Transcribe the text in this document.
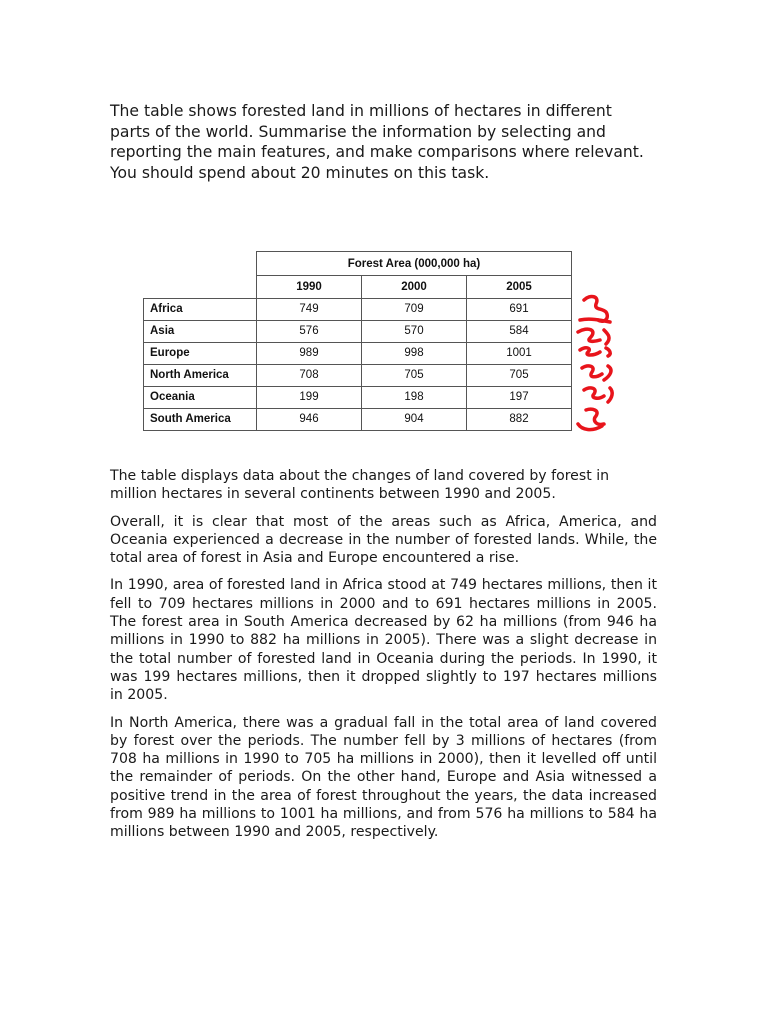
The table shows forested land in millions of hectares in different parts of the world. Summarise the information by selecting and reporting the main features, and make comparisons where relevant. You should spend about 20 minutes on this task.

	Forest Area (000,000 ha)		
	1990	2000	2005
Africa	749	709	691
Asia	576	570	584
Europe	989	998	1001
North America	708	705	705
Oceania	199	198	197
South America	946	904	882

The table displays data about the changes of land covered by forest in million hectares in several continents between 1990 and 2005.

Overall, it is clear that most of the areas such as Africa, America, and Oceania experienced a decrease in the number of forested lands. While, the total area of forest in Asia and Europe encountered a rise.

In 1990, area of forested land in Africa stood at 749 hectares millions, then it fell to 709 hectares millions in 2000 and to 691 hectares millions in 2005. The forest area in South America decreased by 62 ha millions (from 946 ha millions in 1990 to 882 ha millions in 2005). There was a slight decrease in the total number of forested land in Oceania during the periods. In 1990, it was 199 hectares millions, then it dropped slightly to 197 hectares millions in 2005.

In North America, there was a gradual fall in the total area of land covered by forest over the periods. The number fell by 3 millions of hectares (from 708 ha millions in 1990 to 705 ha millions in 2000), then it levelled off until the remainder of periods. On the other hand, Europe and Asia witnessed a positive trend in the area of forest throughout the years, the data increased from 989 ha millions to 1001 ha millions, and from 576 ha millions to 584 ha millions between 1990 and 2005, respectively.
